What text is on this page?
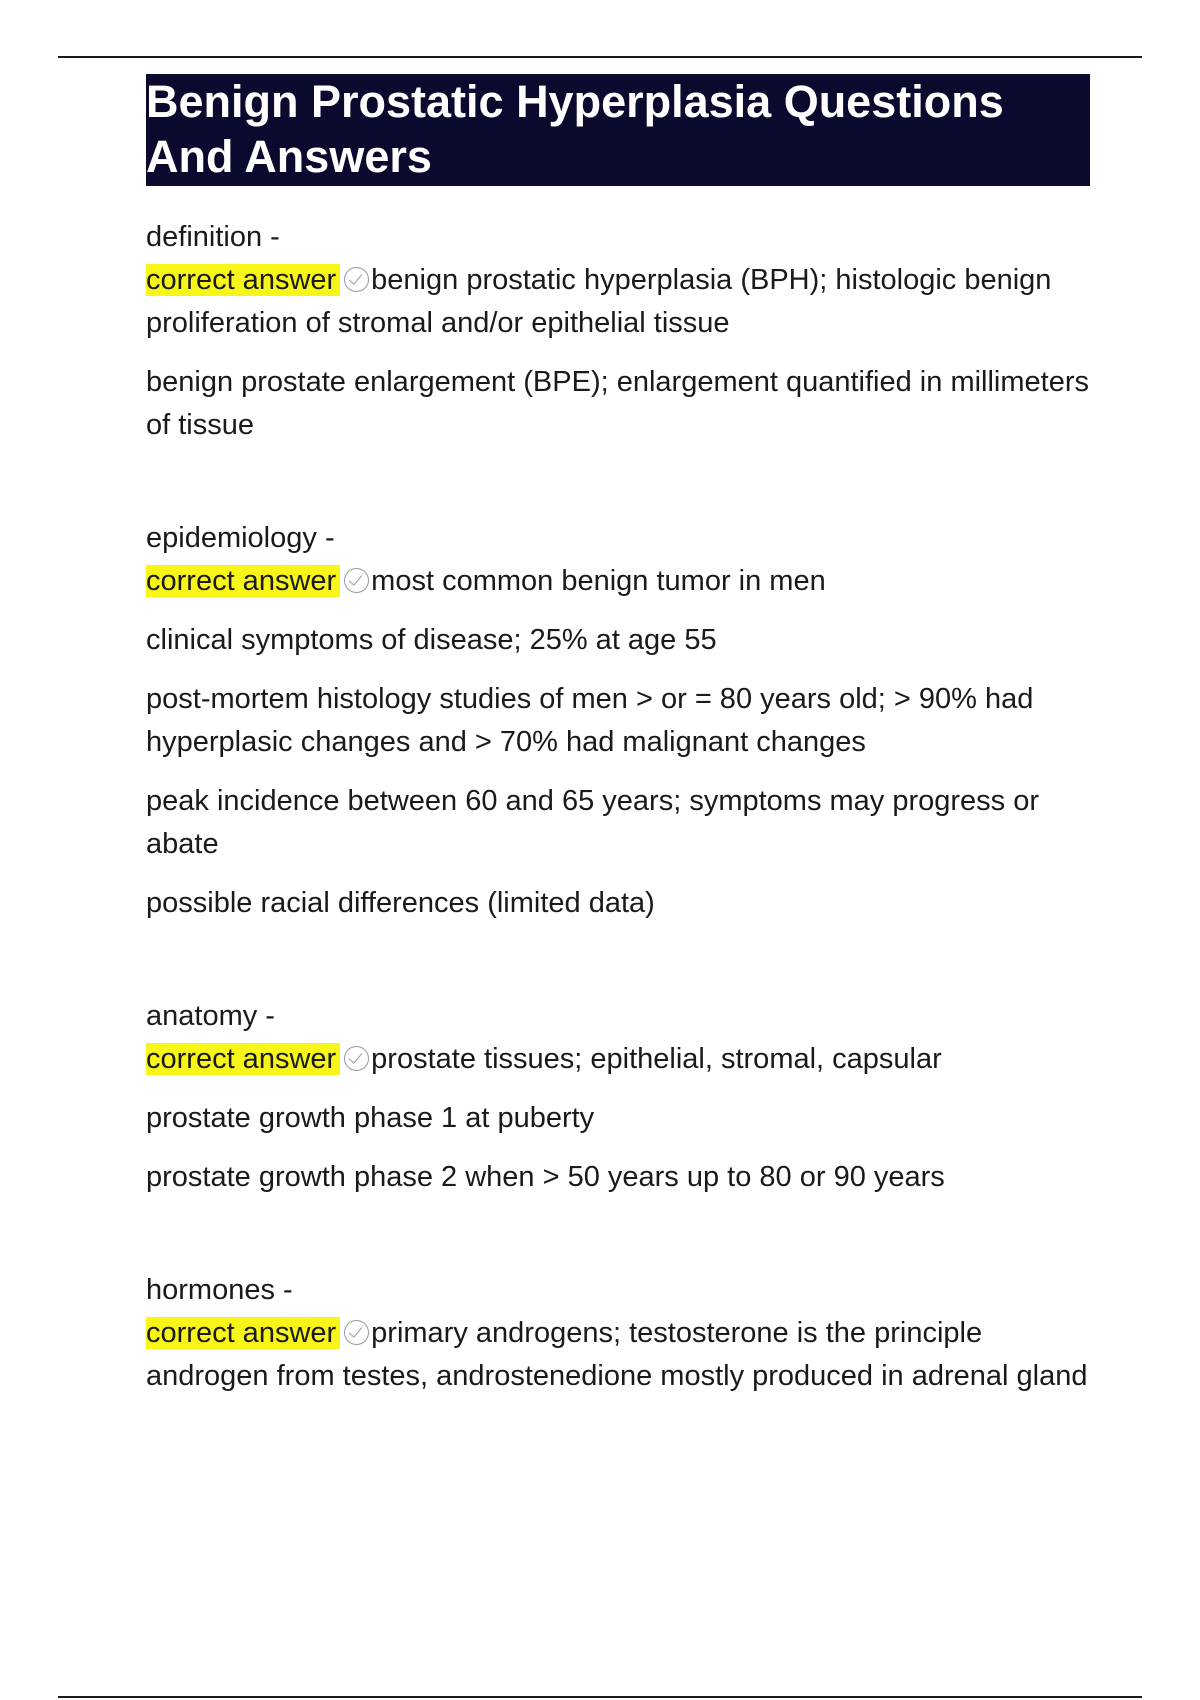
Benign Prostatic Hyperplasia Questions
And Answers
definition -
correct answer benign prostatic hyperplasia (BPH); histologic benign proliferation of stromal and/or epithelial tissue
benign prostate enlargement (BPE); enlargement quantified in millimeters of tissue
epidemiology -
correct answer most common benign tumor in men
clinical symptoms of disease; 25% at age 55
post-mortem histology studies of men > or = 80 years old; > 90% had hyperplasic changes and > 70% had malignant changes
peak incidence between 60 and 65 years; symptoms may progress or abate
possible racial differences (limited data)
anatomy -
correct answer prostate tissues; epithelial, stromal, capsular
prostate growth phase 1 at puberty
prostate growth phase 2 when > 50 years up to 80 or 90 years
hormones -
correct answer primary androgens; testosterone is the principle androgen from testes, androstenedione mostly produced in adrenal gland
